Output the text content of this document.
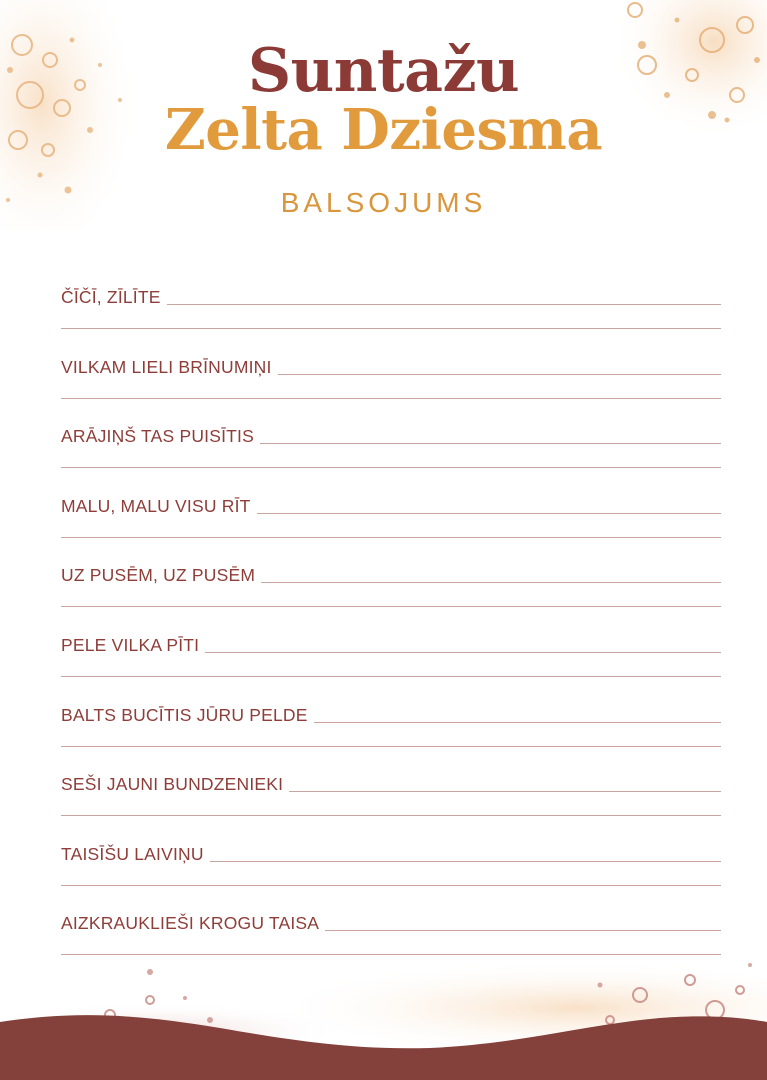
Suntažu
Zelta Dziesma
BALSOJUMS
ČĪČĪ, ZĪLĪTE
VILKAM LIELI BRĪNUMIŅI
ARĀJIŅŠ TAS PUISĪTIS
MALU, MALU VISU RĪT
UZ PUSĒM, UZ PUSĒM
PELE VILKA PĪTI
BALTS BUCĪTIS JŪRU PELDE
SEŠI JAUNI BUNDZENIEKI
TAISĪŠU LAIVIŅU
AIZKRAUKLIEŠI KROGU TAISA
